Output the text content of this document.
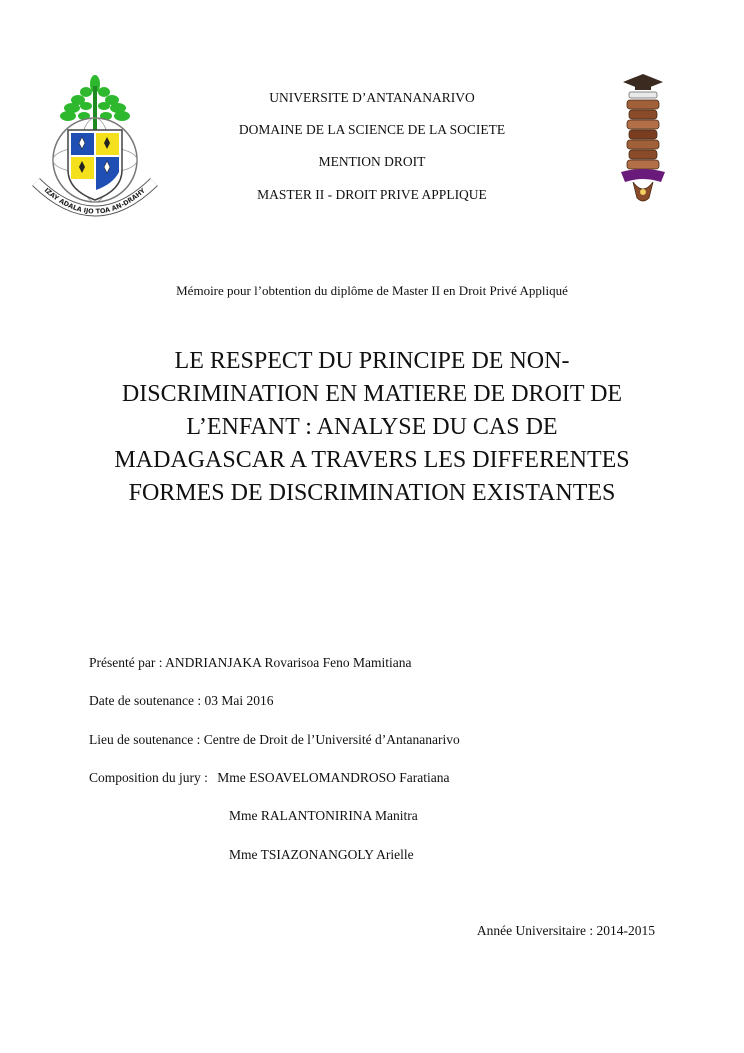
IZAY ADALA IJO TOA AN-DRAHY
UNIVERSITE D’ANTANANARIVO
DOMAINE DE LA SCIENCE DE LA SOCIETE
MENTION DROIT
MASTER II - DROIT PRIVE APPLIQUE
Mémoire pour l’obtention du diplôme de Master II en Droit Privé Appliqué
LE RESPECT DU PRINCIPE DE NON-
DISCRIMINATION EN MATIERE DE DROIT DE
L’ENFANT : ANALYSE DU CAS DE
MADAGASCAR A TRAVERS LES DIFFERENTES
FORMES DE DISCRIMINATION EXISTANTES
Présenté par : ANDRIANJAKA Rovarisoa Feno Mamitiana
Date de soutenance : 03 Mai 2016
Lieu de soutenance : Centre de Droit de l’Université d’Antananarivo
Composition du jury : Mme ESOAVELOMANDROSO Faratiana
Mme RALANTONIRINA Manitra
Mme TSIAZONANGOLY Arielle
Année Universitaire : 2014-2015
